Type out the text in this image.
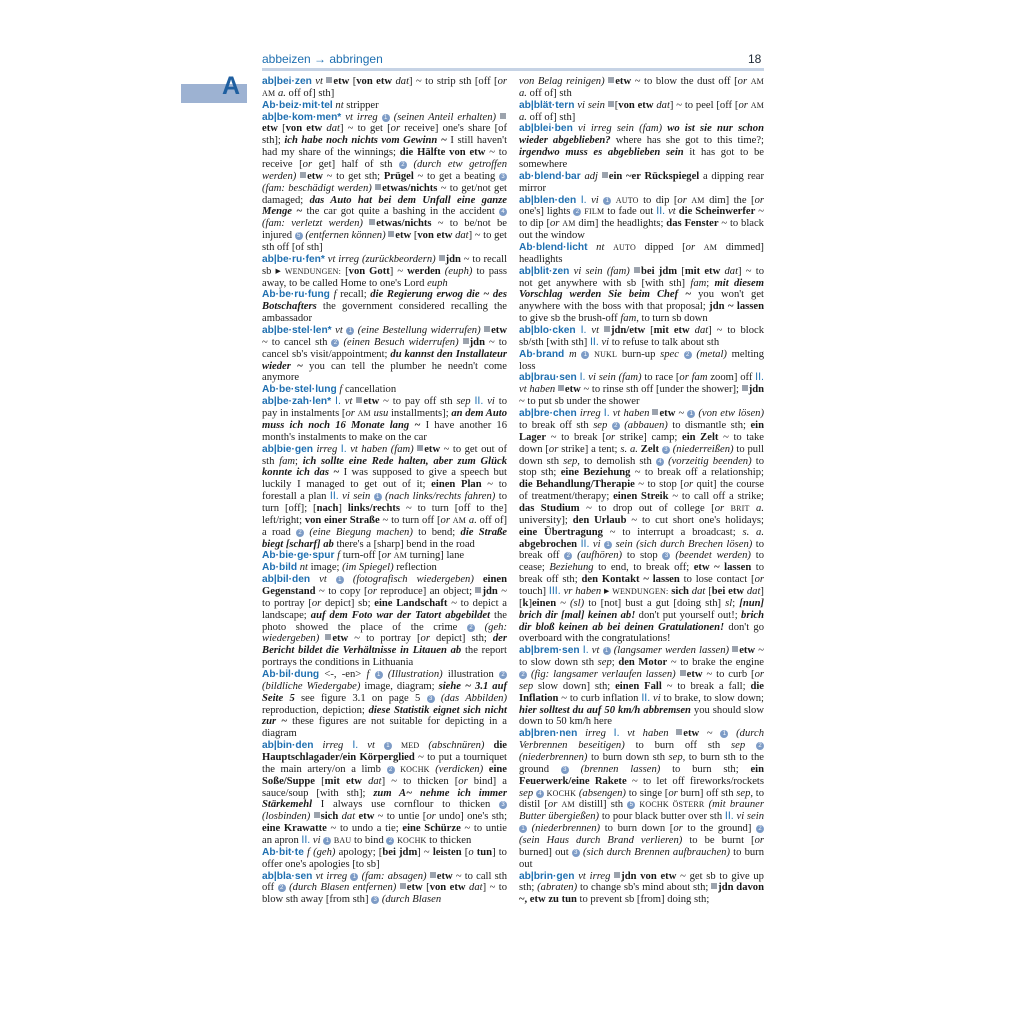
abbeizen → abbringen	18
A ab|bei·zen vt etw [von etw dat] ~ to strip sth [off [or AM a. off of] sth]

Ab·beiz·mit·tel nt stripper

ab|be·kom·men* vt irreg 1 (seinen Anteil erhalten) etw [von etw dat] ~ to get [or receive] one's share [of sth]; ich habe noch nichts vom Gewinn ~ I still haven't had my share of the winnings; die Hälfte von etw ~ to receive [or get] half of sth 2 (durch etw getroffen werden) etw ~ to get sth; Prügel ~ to get a beating 3 (fam: beschädigt werden) etwas/nichts ~ to get/not get damaged; das Auto hat bei dem Unfall eine ganze Menge ~ the car got quite a bashing in the accident 4 (fam: verletzt werden) etwas/nichts ~ to be/not be injured 5 (entfernen können) etw [von etw dat] ~ to get sth off [of sth]

ab|be·ru·fen* vt irreg (zurückbeordern) jdn ~ to recall sb ▸ WENDUNGEN: [von Gott] ~ werden (euph) to pass away, to be called Home to one's Lord euph

Ab·be·ru·fung f recall; die Regierung erwog die ~ des Botschafters the government considered recalling the ambassador

ab|be·stel·len* vt 1 (eine Bestellung widerrufen) etw ~ to cancel sth 2 (einen Besuch widerrufen) jdn ~ to cancel sb's visit/appointment; du kannst den Installateur wieder ~ you can tell the plumber he needn't come anymore

Ab·be·stel·lung f cancellation

ab|be·zah·len* I. vt etw ~ to pay off sth sep II. vi to pay in instalments [or AM usu installments]; an dem Auto muss ich noch 16 Monate lang ~ I have another 16 month's instalments to make on the car

ab|bie·gen irreg I. vt haben (fam) etw ~ to get out of sth fam; ich sollte eine Rede halten, aber zum Glück konnte ich das ~ I was supposed to give a speech but luckily I managed to get out of it; einen Plan ~ to forestall a plan II. vi sein 1 (nach links/rechts fahren) to turn [off]; [nach] links/rechts ~ to turn [off to the] left/right; von einer Straße ~ to turn off [or AM a. off of] a road 2 (eine Biegung machen) to bend; die Straße biegt [scharf] ab there's a [sharp] bend in the road

Ab·bie·ge·spur f turn-off [or AM turning] lane

Ab·bild nt image; (im Spiegel) reflection

ab|bil·den vt 1 (fotografisch wiedergeben) einen Gegenstand ~ to copy [or reproduce] an object; jdn ~ to portray [or depict] sb; eine Landschaft ~ to depict a landscape; auf dem Foto war der Tatort abgebildet the photo showed the place of the crime 2 (geh: wiedergeben) etw ~ to portray [or depict] sth; der Bericht bildet die Verhältnisse in Litauen ab the report portrays the conditions in Lithuania

Ab·bil·dung <-, -en> f 1 (Illustration) illustration 2 (bildliche Wiedergabe) image, diagram; siehe ~ 3.1 auf Seite 5 see figure 3.1 on page 5 3 (das Abbilden) reproduction, depiction; diese Statistik eignet sich nicht zur ~ these figures are not suitable for depicting in a diagram

ab|bin·den irreg I. vt 1 MED (abschnüren) die Hauptschlagader/ein Körperglied ~ to put a tourniquet the main artery/on a limb 2 KOCHK (verdicken) eine Soße/Suppe [mit etw dat] ~ to thicken [or bind] a sauce/soup [with sth]; zum A~ nehme ich immer Stärkemehl I always use cornflour to thicken 3 (losbinden) sich dat etw ~ to untie [or undo] one's sth; eine Krawatte ~ to undo a tie; eine Schürze ~ to untie an apron II. vi 1 BAU to bind 2 KOCHK to thicken

Ab·bit·te f (geh) apology; [bei jdm] ~ leisten [o tun] to offer one's apologies [to sb]

ab|bla·sen vt irreg 1 (fam: absagen) etw ~ to call sth off 2 (durch Blasen entfernen) etw [von etw dat] ~ to blow sth away [from sth] 3 (durch Blasen

von Belag reinigen) etw ~ to blow the dust off [or AM a. off of] sth

ab|blät·tern vi sein [von etw dat] ~ to peel [off [or AM a. off of] sth]

ab|blei·ben vi irreg sein (fam) wo ist sie nur schon wieder abgeblieben? where has she got to this time?; irgendwo muss es abgeblieben sein it has got to be somewhere

ab·blend·bar adj ein ~er Rückspiegel a dipping rear mirror

ab|blen·den I. vi 1 AUTO to dip [or AM dim] the [or one's] lights 2 FILM to fade out II. vt die Scheinwerfer ~ to dip [or AM dim] the headlights; das Fenster ~ to black out the window

Ab·blend·licht nt AUTO dipped [or AM dimmed] headlights

ab|blit·zen vi sein (fam) bei jdm [mit etw dat] ~ to not get anywhere with sb [with sth] fam; mit diesem Vorschlag werden Sie beim Chef ~ you won't get anywhere with the boss with that proposal; jdn ~ lassen to give sb the brush-off fam, to turn sb down

ab|blo·cken I. vt jdn/etw [mit etw dat] ~ to block sb/sth [with sth] II. vi to refuse to talk about sth

Ab·brand m 1 NUKL burn-up spec 2 (metal) melting loss

ab|brau·sen I. vi sein (fam) to race [or fam zoom] off II. vt haben etw ~ to rinse sth off [under the shower]; jdn ~ to put sb under the shower

ab|bre·chen irreg I. vt haben etw ~ 1 (von etw lösen) to break off sth sep 2 (abbauen) to dismantle sth; ein Lager ~ to break [or strike] camp; ein Zelt ~ to take down [or strike] a tent; s. a. Zelt 3 (niederreißen) to pull down sth sep, to demolish sth 4 (vorzeitig beenden) to stop sth; eine Beziehung ~ to break off a relationship; die Behandlung/Therapie ~ to stop [or quit] the course of treatment/therapy; einen Streik ~ to call off a strike; das Studium ~ to drop out of college [or BRIT a. university]; den Urlaub ~ to cut short one's holidays; eine Übertragung ~ to interrupt a broadcast; s. a. abgebrochen II. vi 1 sein (sich durch Brechen lösen) to break off 2 (aufhören) to stop 3 (beendet werden) to cease; Beziehung to end, to break off; etw ~ lassen to break off sth; den Kontakt ~ lassen to lose contact [or touch] III. vr haben ▸ WENDUNGEN: sich dat [bei etw dat] [k]einen ~ (sl) to [not] bust a gut [doing sth] sl; [nun] brich dir [mal] keinen ab! don't put yourself out!; brich dir bloß keinen ab bei deinen Gratulationen! don't go overboard with the congratulations!

ab|brem·sen I. vt 1 (langsamer werden lassen) etw ~ to slow down sth sep; den Motor ~ to brake the engine 2 (fig: langsamer verlaufen lassen) etw ~ to curb [or sep slow down] sth; einen Fall ~ to break a fall; die Inflation ~ to curb inflation II. vi to brake, to slow down; hier solltest du auf 50 km/h abbremsen you should slow down to 50 km/h here

ab|bren·nen irreg I. vt haben etw ~ 1 (durch Verbrennen beseitigen) to burn off sth sep 2 (niederbrennen) to burn down sth sep, to burn sth to the ground 3 (brennen lassen) to burn sth; ein Feuerwerk/eine Rakete ~ to let off fireworks/rockets sep 4 KOCHK (absengen) to singe [or burn] off sth sep, to distil [or AM distill] sth 5 KOCHK ÖSTERR (mit brauner Butter übergießen) to pour black butter over sth II. vi sein 1 (niederbrennen) to burn down [or to the ground] 2 (sein Haus durch Brand verlieren) to be burnt [or burned] out 3 (sich durch Brennen aufbrauchen) to burn out

ab|brin·gen vt irreg jdn von etw ~ get sb to give up sth; (abraten) to change sb's mind about sth; jdn davon ~, etw zu tun to prevent sb [from] doing sth;
